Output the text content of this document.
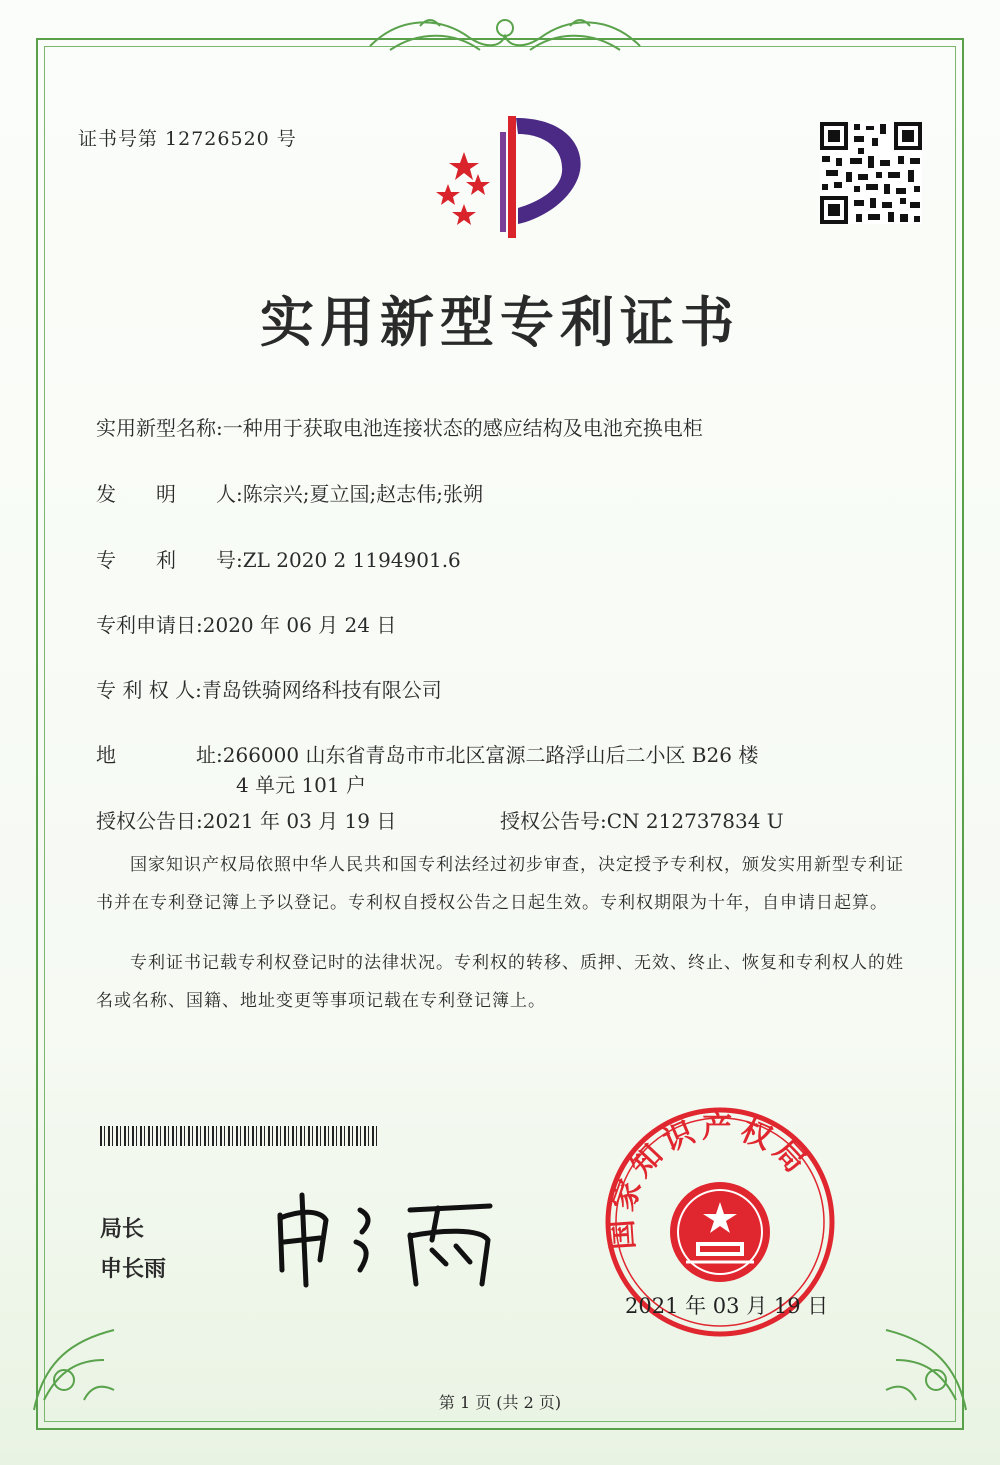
证书号第 12726520 号
实用新型专利证书
实用新型名称:一种用于获取电池连接状态的感应结构及电池充换电柜
发　　明　　人:陈宗兴;夏立国;赵志伟;张朔
专　　利　　号:ZL 2020 2 1194901.6
专利申请日:2020 年 06 月 24 日
专 利 权 人:青岛铁骑网络科技有限公司
地　　　　址:266000 山东省青岛市市北区富源二路浮山后二小区 B26 楼
4 单元 101 户
授权公告日:2021 年 03 月 19 日	授权公告号:CN 212737834 U
国家知识产权局依照中华人民共和国专利法经过初步审查，决定授予专利权，颁发实用新型专利证书并在专利登记簿上予以登记。专利权自授权公告之日起生效。专利权期限为十年，自申请日起算。
专利证书记载专利权登记时的法律状况。专利权的转移、质押、无效、终止、恢复和专利权人的姓名或名称、国籍、地址变更等事项记载在专利登记簿上。
局长
申长雨
国家知识产权局
2021 年 03 月 19 日
第 1 页 (共 2 页)
